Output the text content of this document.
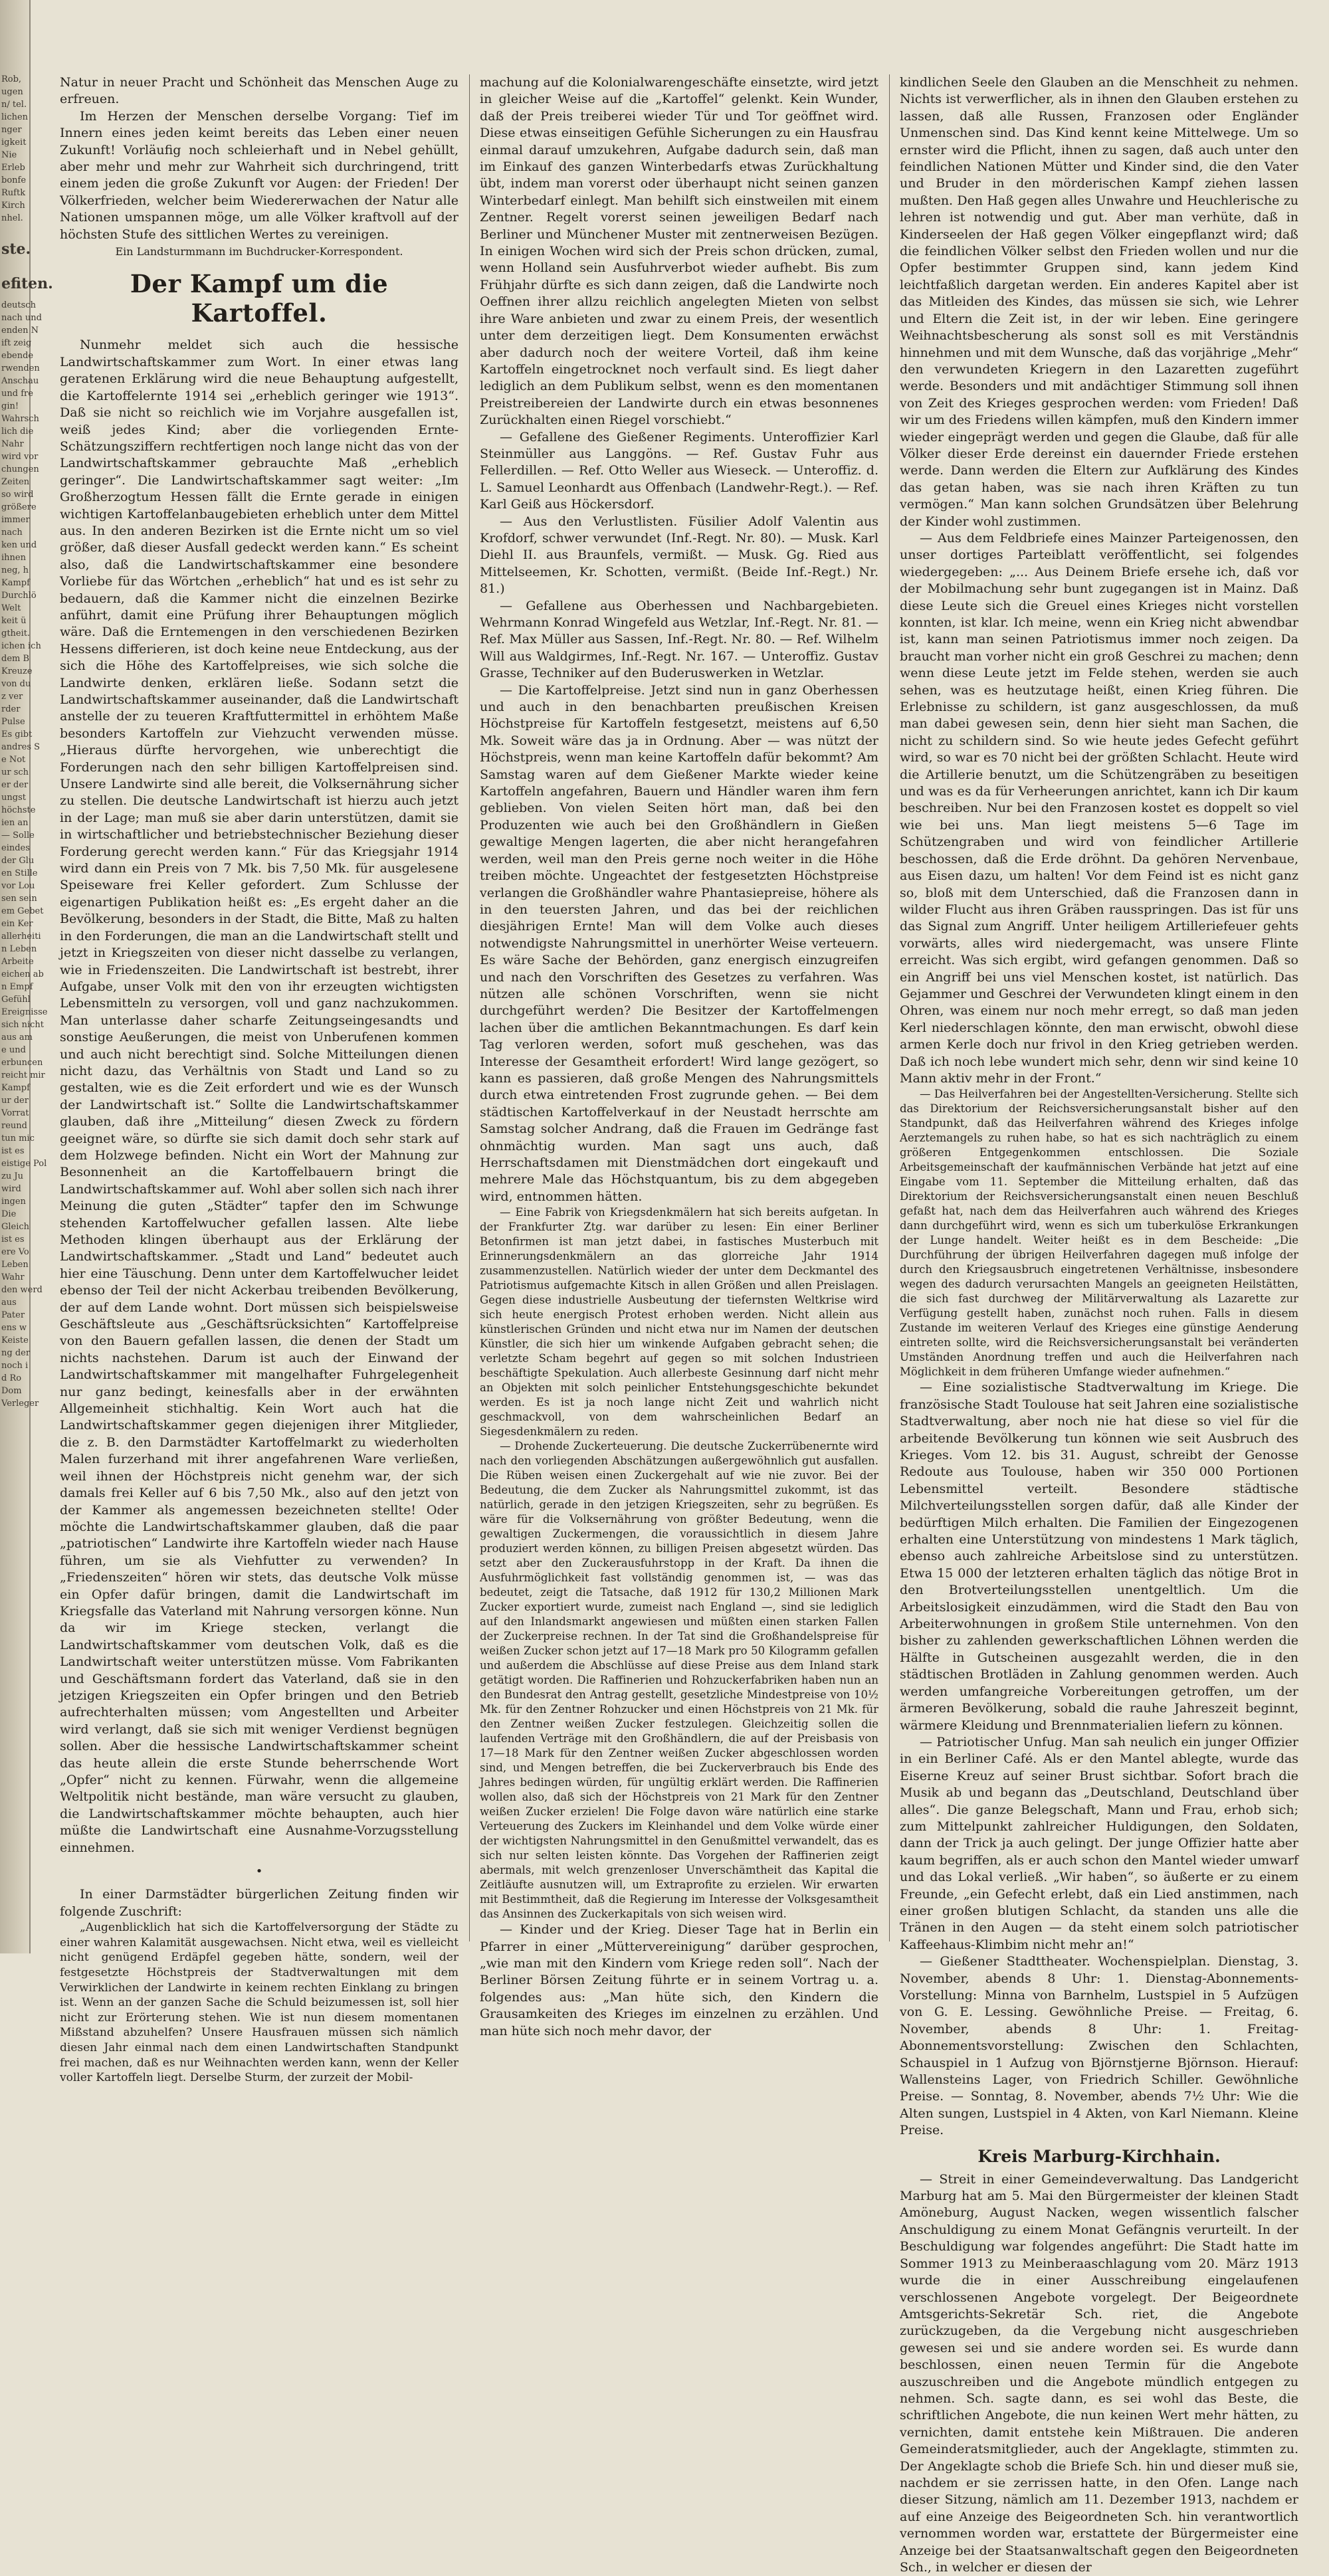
Rob,
ugen
n/ tel.
lichen
nger
igkeit
Nie
Erleb
bonfe
Ruftk
Kirch
nhel.
ste.
efiten.
deutsch
nach und
enden N
ift zeig
ebende
rwenden
Anschau
und fre
gin!
Wahrsch
lich die
Nahr
wird vor
chungen
Zeiten
so wird
größere
immer
nach
ken und
ihnen
neg, h
Kampf
Durchlö
Welt
keit ü
gtheit.
ichen ich
dem B
Kreuze
von du
z ver
rder
Pulse
Es gibt
andres S
e Not
ur sch
er der
ungst
höchste
ien an
— Solle
eindes
der Glu
en Stille
vor Lou
sen sein
em Gebet
ein Ker
allerheiti
n Leben
Arbeite
eichen ab
n Empf
Gefühl
Ereignisse
sich nicht
aus am
e und
erbuncen
reicht mir
Kampf
ur der
Vorrat
reund
tun mic
ist es
eistige Pol
zu Ju
wird
ingen
Die
Gleich
ist es
ere Vo
Leben
Wahr
den werd
aus
Pater
ens w
Keiste
ng der
noch i
d Ro
Dom
Verleger

Natur in neuer Pracht und Schönheit das Menschen Auge zu erfreuen.

Im Herzen der Menschen derselbe Vorgang: Tief im Innern eines jeden keimt bereits das Leben einer neuen Zukunft! Vorläufig noch schleierhaft und in Nebel gehüllt, aber mehr und mehr zur Wahrheit sich durchringend, tritt einem jeden die große Zukunft vor Augen: der Frieden! Der Völkerfrieden, welcher beim Wiedererwachen der Natur alle Nationen umspannen möge, um alle Völker kraftvoll auf der höchsten Stufe des sittlichen Wertes zu vereinigen.

Ein Landsturmmann im Buchdrucker-Korrespondent.

Der Kampf um die Kartoffel.

Nunmehr meldet sich auch die hessische Landwirtschaftskammer zum Wort. In einer etwas lang geratenen Erklärung wird die neue Behauptung aufgestellt, die Kartoffelernte 1914 sei „erheblich geringer wie 1913“. Daß sie nicht so reichlich wie im Vorjahre ausgefallen ist, weiß jedes Kind; aber die vorliegenden Ernte-Schätzungsziffern rechtfertigen noch lange nicht das von der Landwirtschaftskammer gebrauchte Maß „erheblich geringer“. Die Landwirtschaftskammer sagt weiter: „Im Großherzogtum Hessen fällt die Ernte gerade in einigen wichtigen Kartoffelanbaugebieten erheblich unter dem Mittel aus. In den anderen Bezirken ist die Ernte nicht um so viel größer, daß dieser Ausfall gedeckt werden kann.“ Es scheint also, daß die Landwirtschaftskammer eine besondere Vorliebe für das Wörtchen „erheblich“ hat und es ist sehr zu bedauern, daß die Kammer nicht die einzelnen Bezirke anführt, damit eine Prüfung ihrer Behauptungen möglich wäre. Daß die Erntemengen in den verschiedenen Bezirken Hessens differieren, ist doch keine neue Entdeckung, aus der sich die Höhe des Kartoffelpreises, wie sich solche die Landwirte denken, erklären ließe. Sodann setzt die Landwirtschaftskammer auseinander, daß die Landwirtschaft anstelle der zu teueren Kraftfuttermittel in erhöhtem Maße besonders Kartoffeln zur Viehzucht verwenden müsse. „Hieraus dürfte hervorgehen, wie unberechtigt die Forderungen nach den sehr billigen Kartoffelpreisen sind. Unsere Landwirte sind alle bereit, die Volksernährung sicher zu stellen. Die deutsche Landwirtschaft ist hierzu auch jetzt in der Lage; man muß sie aber darin unterstützen, damit sie in wirtschaftlicher und betriebstechnischer Beziehung dieser Forderung gerecht werden kann.“ Für das Kriegsjahr 1914 wird dann ein Preis von 7 Mk. bis 7,50 Mk. für ausgelesene Speiseware frei Keller gefordert. Zum Schlusse der eigenartigen Publikation heißt es: „Es ergeht daher an die Bevölkerung, besonders in der Stadt, die Bitte, Maß zu halten in den Forderungen, die man an die Landwirtschaft stellt und jetzt in Kriegszeiten von dieser nicht dasselbe zu verlangen, wie in Friedenszeiten. Die Landwirtschaft ist bestrebt, ihrer Aufgabe, unser Volk mit den von ihr erzeugten wichtigsten Lebensmitteln zu versorgen, voll und ganz nachzukommen. Man unterlasse daher scharfe Zeitungseingesandts und sonstige Aeußerungen, die meist von Unberufenen kommen und auch nicht berechtigt sind. Solche Mitteilungen dienen nicht dazu, das Verhältnis von Stadt und Land so zu gestalten, wie es die Zeit erfordert und wie es der Wunsch der Landwirtschaft ist.“ Sollte die Landwirtschaftskammer glauben, daß ihre „Mitteilung“ diesen Zweck zu fördern geeignet wäre, so dürfte sie sich damit doch sehr stark auf dem Holzwege befinden. Nicht ein Wort der Mahnung zur Besonnenheit an die Kartoffelbauern bringt die Landwirtschaftskammer auf. Wohl aber sollen sich nach ihrer Meinung die guten „Städter“ tapfer den im Schwunge stehenden Kartoffelwucher gefallen lassen. Alte liebe Methoden klingen überhaupt aus der Erklärung der Landwirtschaftskammer. „Stadt und Land“ bedeutet auch hier eine Täuschung. Denn unter dem Kartoffelwucher leidet ebenso der Teil der nicht Ackerbau treibenden Bevölkerung, der auf dem Lande wohnt. Dort müssen sich beispielsweise Geschäftsleute aus „Geschäftsrücksichten“ Kartoffelpreise von den Bauern gefallen lassen, die denen der Stadt um nichts nachstehen. Darum ist auch der Einwand der Landwirtschaftskammer mit mangelhafter Fuhrgelegenheit nur ganz bedingt, keinesfalls aber in der erwähnten Allgemeinheit stichhaltig. Kein Wort auch hat die Landwirtschaftskammer gegen diejenigen ihrer Mitglieder, die z. B. den Darmstädter Kartoffelmarkt zu wiederholten Malen furzerhand mit ihrer angefahrenen Ware verließen, weil ihnen der Höchstpreis nicht genehm war, der sich damals frei Keller auf 6 bis 7,50 Mk., also auf den jetzt von der Kammer als angemessen bezeichneten stellte! Oder möchte die Landwirtschaftskammer glauben, daß die paar „patriotischen“ Landwirte ihre Kartoffeln wieder nach Hause führen, um sie als Viehfutter zu verwenden? In „Friedenszeiten“ hören wir stets, das deutsche Volk müsse ein Opfer dafür bringen, damit die Landwirtschaft im Kriegsfalle das Vaterland mit Nahrung versorgen könne. Nun da wir im Kriege stecken, verlangt die Landwirtschaftskammer vom deutschen Volk, daß es die Landwirtschaft weiter unterstützen müsse. Vom Fabrikanten und Geschäftsmann fordert das Vaterland, daß sie in den jetzigen Kriegszeiten ein Opfer bringen und den Betrieb aufrechterhalten müssen; vom Angestellten und Arbeiter wird verlangt, daß sie sich mit weniger Verdienst begnügen sollen. Aber die hessische Landwirtschaftskammer scheint das heute allein die erste Stunde beherrschende Wort „Opfer“ nicht zu kennen. Fürwahr, wenn die allgemeine Weltpolitik nicht bestände, man wäre versucht zu glauben, die Landwirtschaftskammer möchte behaupten, auch hier müßte die Landwirtschaft eine Ausnahme-Vorzugsstellung einnehmen.

•

In einer Darmstädter bürgerlichen Zeitung finden wir folgende Zuschrift:

„Augenblicklich hat sich die Kartoffelversorgung der Städte zu einer wahren Kalamität ausgewachsen. Nicht etwa, weil es vielleicht nicht genügend Erdäpfel gegeben hätte, sondern, weil der festgesetzte Höchstpreis der Stadtverwaltungen mit dem Verwirklichen der Landwirte in keinem rechten Einklang zu bringen ist. Wenn an der ganzen Sache die Schuld beizumessen ist, soll hier nicht zur Erörterung stehen. Wie ist nun diesem momentanen Mißstand abzuhelfen? Unsere Hausfrauen müssen sich nämlich diesen Jahr einmal nach dem einen Landwirtschaften Standpunkt frei machen, daß es nur Weihnachten werden kann, wenn der Keller voller Kartoffeln liegt. Derselbe Sturm, der zurzeit der Mobil-

machung auf die Kolonialwarengeschäfte einsetzte, wird jetzt in gleicher Weise auf die „Kartoffel“ gelenkt. Kein Wunder, daß der Preis treiberei wieder Tür und Tor geöffnet wird. Diese etwas einseitigen Gefühle Sicherungen zu ein Hausfrau einmal darauf umzukehren, Aufgabe dadurch sein, daß man im Einkauf des ganzen Winterbedarfs etwas Zurückhaltung übt, indem man vorerst oder überhaupt nicht seinen ganzen Winterbedarf einlegt. Man behilft sich einstweilen mit einem Zentner. Regelt vorerst seinen jeweiligen Bedarf nach Berliner und Münchener Muster mit zentnerweisen Bezügen. In einigen Wochen wird sich der Preis schon drücken, zumal, wenn Holland sein Ausfuhrverbot wieder aufhebt. Bis zum Frühjahr dürfte es sich dann zeigen, daß die Landwirte noch Oeffnen ihrer allzu reichlich angelegten Mieten von selbst ihre Ware anbieten und zwar zu einem Preis, der wesentlich unter dem derzeitigen liegt. Dem Konsumenten erwächst aber dadurch noch der weitere Vorteil, daß ihm keine Kartoffeln eingetrocknet noch verfault sind. Es liegt daher lediglich an dem Publikum selbst, wenn es den momentanen Preistreibereien der Landwirte durch ein etwas besonnenes Zurückhalten einen Riegel vorschiebt.“

— Gefallene des Gießener Regiments. Unteroffizier Karl Steinmüller aus Langgöns. — Ref. Gustav Fuhr aus Fellerdillen. — Ref. Otto Weller aus Wieseck. — Unteroffiz. d. L. Samuel Leonhardt aus Offenbach (Landwehr-Regt.). — Ref. Karl Geiß aus Höckersdorf.

— Aus den Verlustlisten. Füsilier Adolf Valentin aus Krofdorf, schwer verwundet (Inf.-Regt. Nr. 80). — Musk. Karl Diehl II. aus Braunfels, vermißt. — Musk. Gg. Ried aus Mittelseemen, Kr. Schotten, vermißt. (Beide Inf.-Regt.) Nr. 81.)

— Gefallene aus Oberhessen und Nachbargebieten. Wehrmann Konrad Wingefeld aus Wetzlar, Inf.-Regt. Nr. 81. — Ref. Max Müller aus Sassen, Inf.-Regt. Nr. 80. — Ref. Wilhelm Will aus Waldgirmes, Inf.-Regt. Nr. 167. — Unteroffiz. Gustav Grasse, Techniker auf den Buderuswerken in Wetzlar.

— Die Kartoffelpreise. Jetzt sind nun in ganz Oberhessen und auch in den benachbarten preußischen Kreisen Höchstpreise für Kartoffeln festgesetzt, meistens auf 6,50 Mk. Soweit wäre das ja in Ordnung. Aber — was nützt der Höchstpreis, wenn man keine Kartoffeln dafür bekommt? Am Samstag waren auf dem Gießener Markte wieder keine Kartoffeln angefahren, Bauern und Händler waren ihm fern geblieben. Von vielen Seiten hört man, daß bei den Produzenten wie auch bei den Großhändlern in Gießen gewaltige Mengen lagerten, die aber nicht herangefahren werden, weil man den Preis gerne noch weiter in die Höhe treiben möchte. Ungeachtet der festgesetzten Höchstpreise verlangen die Großhändler wahre Phantasiepreise, höhere als in den teuersten Jahren, und das bei der reichlichen diesjährigen Ernte! Man will dem Volke auch dieses notwendigste Nahrungsmittel in unerhörter Weise verteuern. Es wäre Sache der Behörden, ganz energisch einzugreifen und nach den Vorschriften des Gesetzes zu verfahren. Was nützen alle schönen Vorschriften, wenn sie nicht durchgeführt werden? Die Besitzer der Kartoffelmengen lachen über die amtlichen Bekanntmachungen. Es darf kein Tag verloren werden, sofort muß geschehen, was das Interesse der Gesamtheit erfordert! Wird lange gezögert, so kann es passieren, daß große Mengen des Nahrungsmittels durch etwa eintretenden Frost zugrunde gehen. — Bei dem städtischen Kartoffelverkauf in der Neustadt herrschte am Samstag solcher Andrang, daß die Frauen im Gedränge fast ohnmächtig wurden. Man sagt uns auch, daß Herrschaftsdamen mit Dienstmädchen dort eingekauft und mehrere Male das Höchstquantum, bis zu dem abgegeben wird, entnommen hätten.

— Eine Fabrik von Kriegsdenkmälern hat sich bereits aufgetan. In der Frankfurter Ztg. war darüber zu lesen: Ein einer Berliner Betonfirmen ist man jetzt dabei, in fastisches Musterbuch mit Erinnerungsdenkmälern an das glorreiche Jahr 1914 zusammenzustellen. Natürlich wieder der unter dem Deckmantel des Patriotismus aufgemachte Kitsch in allen Größen und allen Preislagen. Gegen diese industrielle Ausbeutung der tiefernsten Weltkrise wird sich heute energisch Protest erhoben werden. Nicht allein aus künstlerischen Gründen und nicht etwa nur im Namen der deutschen Künstler, die sich hier um winkende Aufgaben gebracht sehen; die verletzte Scham begehrt auf gegen so mit solchen Industrieen beschäftigte Spekulation. Auch allerbeste Gesinnung darf nicht mehr an Objekten mit solch peinlicher Entstehungsgeschichte bekundet werden. Es ist ja noch lange nicht Zeit und wahrlich nicht geschmackvoll, von dem wahrscheinlichen Bedarf an Siegesdenkmälern zu reden.

— Drohende Zuckerteuerung. Die deutsche Zuckerrübenernte wird nach den vorliegenden Abschätzungen außergewöhnlich gut ausfallen. Die Rüben weisen einen Zuckergehalt auf wie nie zuvor. Bei der Bedeutung, die dem Zucker als Nahrungsmittel zukommt, ist das natürlich, gerade in den jetzigen Kriegszeiten, sehr zu begrüßen. Es wäre für die Volksernährung von größter Bedeutung, wenn die gewaltigen Zuckermengen, die voraussichtlich in diesem Jahre produziert werden können, zu billigen Preisen abgesetzt würden. Das setzt aber den Zuckerausfuhrstopp in der Kraft. Da ihnen die Ausfuhrmöglichkeit fast vollständig genommen ist, — was das bedeutet, zeigt die Tatsache, daß 1912 für 130,2 Millionen Mark Zucker exportiert wurde, zumeist nach England —, sind sie lediglich auf den Inlandsmarkt angewiesen und müßten einen starken Fallen der Zuckerpreise rechnen. In der Tat sind die Großhandelspreise für weißen Zucker schon jetzt auf 17—18 Mark pro 50 Kilogramm gefallen und außerdem die Abschlüsse auf diese Preise aus dem Inland stark getätigt worden. Die Raffinerien und Rohzuckerfabriken haben nun an den Bundesrat den Antrag gestellt, gesetzliche Mindestpreise von 10½ Mk. für den Zentner Rohzucker und einen Höchstpreis von 21 Mk. für den Zentner weißen Zucker festzulegen. Gleichzeitig sollen die laufenden Verträge mit den Großhändlern, die auf der Preisbasis von 17—18 Mark für den Zentner weißen Zucker abgeschlossen worden sind, und Mengen betreffen, die bei Zuckerverbrauch bis Ende des Jahres bedingen würden, für ungültig erklärt werden. Die Raffinerien wollen also, daß sich der Höchstpreis von 21 Mark für den Zentner weißen Zucker erzielen! Die Folge davon wäre natürlich eine starke Verteuerung des Zuckers im Kleinhandel und dem Volke würde einer der wichtigsten Nahrungsmittel in den Genußmittel verwandelt, das es sich nur selten leisten könnte. Das Vorgehen der Raffinerien zeigt abermals, mit welch grenzenloser Unverschämtheit das Kapital die Zeitläufte ausnutzen will, um Extraprofite zu erzielen. Wir erwarten mit Bestimmtheit, daß die Regierung im Interesse der Volksgesamtheit das Ansinnen des Zuckerkapitals von sich weisen wird.

— Kinder und der Krieg. Dieser Tage hat in Berlin ein Pfarrer in einer „Müttervereinigung“ darüber gesprochen, „wie man mit den Kindern vom Kriege reden soll“. Nach der Berliner Börsen Zeitung führte er in seinem Vortrag u. a. folgendes aus: „Man hüte sich, den Kindern die Grausamkeiten des Krieges im einzelnen zu erzählen. Und man hüte sich noch mehr davor, der

kindlichen Seele den Glauben an die Menschheit zu nehmen. Nichts ist verwerflicher, als in ihnen den Glauben erstehen zu lassen, daß alle Russen, Franzosen oder Engländer Unmenschen sind. Das Kind kennt keine Mittelwege. Um so ernster wird die Pflicht, ihnen zu sagen, daß auch unter den feindlichen Nationen Mütter und Kinder sind, die den Vater und Bruder in den mörderischen Kampf ziehen lassen mußten. Den Haß gegen alles Unwahre und Heuchlerische zu lehren ist notwendig und gut. Aber man verhüte, daß in Kinderseelen der Haß gegen Völker eingepflanzt wird; daß die feindlichen Völker selbst den Frieden wollen und nur die Opfer bestimmter Gruppen sind, kann jedem Kind leichtfaßlich dargetan werden. Ein anderes Kapitel aber ist das Mitleiden des Kindes, das müssen sie sich, wie Lehrer und Eltern die Zeit ist, in der wir leben. Eine geringere Weihnachtsbescherung als sonst soll es mit Verständnis hinnehmen und mit dem Wunsche, daß das vorjährige „Mehr“ den verwundeten Kriegern in den Lazaretten zugeführt werde. Besonders und mit andächtiger Stimmung soll ihnen von Zeit des Krieges gesprochen werden: vom Frieden! Daß wir um des Friedens willen kämpfen, muß den Kindern immer wieder eingeprägt werden und gegen die Glaube, daß für alle Völker dieser Erde dereinst ein dauernder Friede erstehen werde. Dann werden die Eltern zur Aufklärung des Kindes das getan haben, was sie nach ihren Kräften zu tun vermögen.“ Man kann solchen Grundsätzen über Belehrung der Kinder wohl zustimmen.

— Aus dem Feldbriefe eines Mainzer Parteigenossen, den unser dortiges Parteiblatt veröffentlicht, sei folgendes wiedergegeben: „... Aus Deinem Briefe ersehe ich, daß vor der Mobilmachung sehr bunt zugegangen ist in Mainz. Daß diese Leute sich die Greuel eines Krieges nicht vorstellen konnten, ist klar. Ich meine, wenn ein Krieg nicht abwendbar ist, kann man seinen Patriotismus immer noch zeigen. Da braucht man vorher nicht ein groß Geschrei zu machen; denn wenn diese Leute jetzt im Felde stehen, werden sie auch sehen, was es heutzutage heißt, einen Krieg führen. Die Erlebnisse zu schildern, ist ganz ausgeschlossen, da muß man dabei gewesen sein, denn hier sieht man Sachen, die nicht zu schildern sind. So wie heute jedes Gefecht geführt wird, so war es 70 nicht bei der größten Schlacht. Heute wird die Artillerie benutzt, um die Schützengräben zu beseitigen und was es da für Verheerungen anrichtet, kann ich Dir kaum beschreiben. Nur bei den Franzosen kostet es doppelt so viel wie bei uns. Man liegt meistens 5—6 Tage im Schützengraben und wird von feindlicher Artillerie beschossen, daß die Erde dröhnt. Da gehören Nervenbaue, aus Eisen dazu, um halten! Vor dem Feind ist es nicht ganz so, bloß mit dem Unterschied, daß die Franzosen dann in wilder Flucht aus ihren Gräben rausspringen. Das ist für uns das Signal zum Angriff. Unter heiligem Artilleriefeuer gehts vorwärts, alles wird niedergemacht, was unsere Flinte erreicht. Was sich ergibt, wird gefangen genommen. Daß so ein Angriff bei uns viel Menschen kostet, ist natürlich. Das Gejammer und Geschrei der Verwundeten klingt einem in den Ohren, was einem nur noch mehr erregt, so daß man jeden Kerl niederschlagen könnte, den man erwischt, obwohl diese armen Kerle doch nur frivol in den Krieg getrieben werden. Daß ich noch lebe wundert mich sehr, denn wir sind keine 10 Mann aktiv mehr in der Front.“

— Das Heilverfahren bei der Angestellten-Versicherung. Stellte sich das Direktorium der Reichsversicherungsanstalt bisher auf den Standpunkt, daß das Heilverfahren während des Krieges infolge Aerztemangels zu ruhen habe, so hat es sich nachträglich zu einem größeren Entgegenkommen entschlossen. Die Soziale Arbeitsgemeinschaft der kaufmännischen Verbände hat jetzt auf eine Eingabe vom 11. September die Mitteilung erhalten, daß das Direktorium der Reichsversicherungsanstalt einen neuen Beschluß gefaßt hat, nach dem das Heilverfahren auch während des Krieges dann durchgeführt wird, wenn es sich um tuberkulöse Erkrankungen der Lunge handelt. Weiter heißt es in dem Bescheide: „Die Durchführung der übrigen Heilverfahren dagegen muß infolge der durch den Kriegsausbruch eingetretenen Verhältnisse, insbesondere wegen des dadurch verursachten Mangels an geeigneten Heilstätten, die sich fast durchweg der Militärverwaltung als Lazarette zur Verfügung gestellt haben, zunächst noch ruhen. Falls in diesem Zustande im weiteren Verlauf des Krieges eine günstige Aenderung eintreten sollte, wird die Reichsversicherungsanstalt bei veränderten Umständen Anordnung treffen und auch die Heilverfahren nach Möglichkeit in dem früheren Umfange wieder aufnehmen.“

— Eine sozialistische Stadtverwaltung im Kriege. Die französische Stadt Toulouse hat seit Jahren eine sozialistische Stadtverwaltung, aber noch nie hat diese so viel für die arbeitende Bevölkerung tun können wie seit Ausbruch des Krieges. Vom 12. bis 31. August, schreibt der Genosse Redoute aus Toulouse, haben wir 350 000 Portionen Lebensmittel verteilt. Besondere städtische Milchverteilungsstellen sorgen dafür, daß alle Kinder der bedürftigen Milch erhalten. Die Familien der Eingezogenen erhalten eine Unterstützung von mindestens 1 Mark täglich, ebenso auch zahlreiche Arbeitslose sind zu unterstützen. Etwa 15 000 der letzteren erhalten täglich das nötige Brot in den Brotverteilungsstellen unentgeltlich. Um die Arbeitslosigkeit einzudämmen, wird die Stadt den Bau von Arbeiterwohnungen in großem Stile unternehmen. Von den bisher zu zahlenden gewerkschaftlichen Löhnen werden die Hälfte in Gutscheinen ausgezahlt werden, die in den städtischen Brotläden in Zahlung genommen werden. Auch werden umfangreiche Vorbereitungen getroffen, um der ärmeren Bevölkerung, sobald die rauhe Jahreszeit beginnt, wärmere Kleidung und Brennmaterialien liefern zu können.

— Patriotischer Unfug. Man sah neulich ein junger Offizier in ein Berliner Café. Als er den Mantel ablegte, wurde das Eiserne Kreuz auf seiner Brust sichtbar. Sofort brach die Musik ab und begann das „Deutschland, Deutschland über alles“. Die ganze Belegschaft, Mann und Frau, erhob sich; zum Mittelpunkt zahlreicher Huldigungen, den Soldaten, dann der Trick ja auch gelingt. Der junge Offizier hatte aber kaum begriffen, als er auch schon den Mantel wieder umwarf und das Lokal verließ. „Wir haben“, so äußerte er zu einem Freunde, „ein Gefecht erlebt, daß ein Lied anstimmen, nach einer großen blutigen Schlacht, da standen uns alle die Tränen in den Augen — da steht einem solch patriotischer Kaffeehaus-Klimbim nicht mehr an!“

— Gießener Stadttheater. Wochenspielplan. Dienstag, 3. November, abends 8 Uhr: 1. Dienstag-Abonnements-Vorstellung: Minna von Barnhelm, Lustspiel in 5 Aufzügen von G. E. Lessing. Gewöhnliche Preise. — Freitag, 6. November, abends 8 Uhr: 1. Freitag-Abonnementsvorstellung: Zwischen den Schlachten, Schauspiel in 1 Aufzug von Björnstjerne Björnson. Hierauf: Wallensteins Lager, von Friedrich Schiller. Gewöhnliche Preise. — Sonntag, 8. November, abends 7½ Uhr: Wie die Alten sungen, Lustspiel in 4 Akten, von Karl Niemann. Kleine Preise.

Kreis Marburg-Kirchhain.

— Streit in einer Gemeindeverwaltung. Das Landgericht Marburg hat am 5. Mai den Bürgermeister der kleinen Stadt Amöneburg, August Nacken, wegen wissentlich falscher Anschuldigung zu einem Monat Gefängnis verurteilt. In der Beschuldigung war folgendes angeführt: Die Stadt hatte im Sommer 1913 zu Meinberaaschlagung vom 20. März 1913 wurde die in einer Ausschreibung eingelaufenen verschlossenen Angebote vorgelegt. Der Beigeordnete Amtsgerichts-Sekretär Sch. riet, die Angebote zurückzugeben, da die Vergebung nicht ausgeschrieben gewesen sei und sie andere worden sei. Es wurde dann beschlossen, einen neuen Termin für die Angebote auszuschreiben und die Angebote mündlich entgegen zu nehmen. Sch. sagte dann, es sei wohl das Beste, die schriftlichen Angebote, die nun keinen Wert mehr hätten, zu vernichten, damit entstehe kein Mißtrauen. Die anderen Gemeinderatsmitglieder, auch der Angeklagte, stimmten zu. Der Angeklagte schob die Briefe Sch. hin und dieser muß sie, nachdem er sie zerrissen hatte, in den Ofen. Lange nach dieser Sitzung, nämlich am 11. Dezember 1913, nachdem er auf eine Anzeige des Beigeordneten Sch. hin verantwortlich vernommen worden war, erstattete der Bürgermeister eine Anzeige bei der Staatsanwaltschaft gegen den Beigeordneten Sch., in welcher er diesen der
